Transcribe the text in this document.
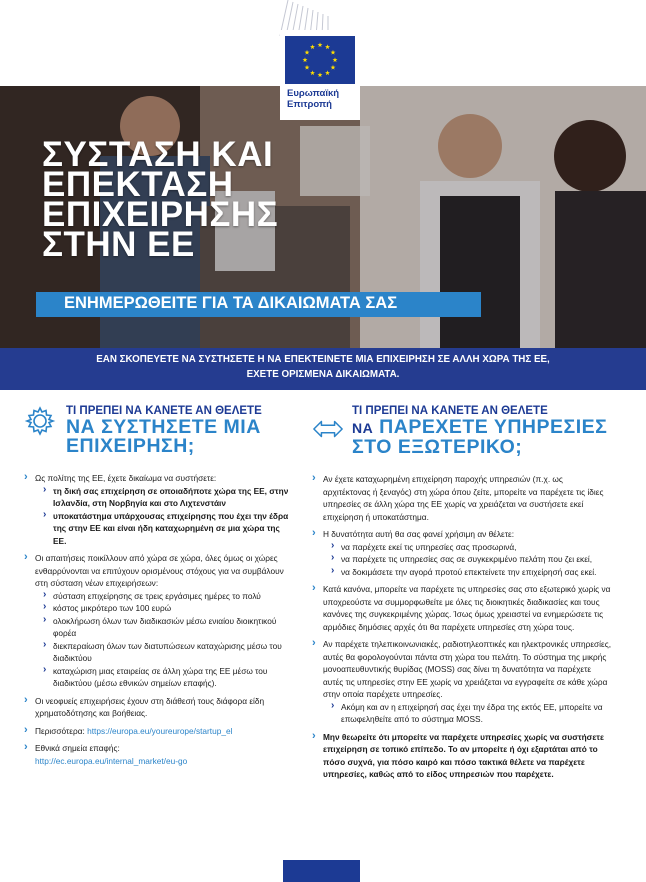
Ευρωπαϊκή
Επιτροπή
ΣΥΣΤΑΣΗ ΚΑΙ
ΕΠΕΚΤΑΣΗ
ΕΠΙΧΕΙΡΗΣΗΣ
ΣΤΗΝ ΕΕ
ΕΝΗΜΕΡΩΘΕΙΤΕ ΓΙΑ ΤΑ ΔΙΚΑΙΩΜΑΤΑ ΣΑΣ
ΕΑΝ ΣΚΟΠΕΥΕΤΕ ΝΑ ΣΥΣΤΗΣΕΤΕ Η ΝΑ ΕΠΕΚΤΕΙΝΕΤΕ ΜΙΑ ΕΠΙΧΕΙΡΗΣΗ ΣΕ ΑΛΛΗ ΧΩΡΑ ΤΗΣ ΕΕ,
ΕΧΕΤΕ ΟΡΙΣΜΕΝΑ ΔΙΚΑΙΩΜΑΤΑ.
ΤΙ ΠΡΕΠΕΙ ΝΑ ΚΑΝΕΤΕ ΑΝ ΘΕΛΕΤΕ
ΝΑ ΣΥΣΤΗΣΕΤΕ ΜΙΑ
ΕΠΙΧΕΙΡΗΣΗ;
› Ως πολίτης της ΕΕ, έχετε δικαίωμα να συστήσετε:
› τη δική σας επιχείρηση σε οποιαδήποτε χώρα της ΕΕ, στην Ισλανδία, στη Νορβηγία και στο Λιχτενστάιν
› υποκατάστημα υπάρχουσας επιχείρησης που έχει την έδρα της στην ΕΕ και είναι ήδη καταχωρημένη σε μια χώρα της ΕΕ.
› Οι απαιτήσεις ποικίλλουν από χώρα σε χώρα, όλες όμως οι χώρες ενθαρρύνονται να επιτύχουν ορισμένους στόχους για να συμβάλουν στη σύσταση νέων επιχειρήσεων:
› σύσταση επιχείρησης σε τρεις εργάσιμες ημέρες το πολύ
› κόστος μικρότερο των 100 ευρώ
› ολοκλήρωση όλων των διαδικασιών μέσω ενιαίου διοικητικού φορέα
› διεκπεραίωση όλων των διατυπώσεων καταχώρισης μέσω του διαδικτύου
› καταχώριση μιας εταιρείας σε άλλη χώρα της ΕΕ μέσω του διαδικτύου (μέσω εθνικών σημείων επαφής).
› Οι νεοφυείς επιχειρήσεις έχουν στη διάθεσή τους διάφορα είδη χρηματοδότησης και βοήθειας.
› Περισσότερα: https://europa.eu/youreurope/startup_el
› Εθνικά σημεία επαφής:
http://ec.europa.eu/internal_market/eu-go
ΤΙ ΠΡΕΠΕΙ ΝΑ ΚΑΝΕΤΕ ΑΝ ΘΕΛΕΤΕ
ΝΑ ΠΑΡΕΧΕΤΕ ΥΠΗΡΕΣΙΕΣ
ΣΤΟ ΕΞΩΤΕΡΙΚΟ;
› Αν έχετε καταχωρημένη επιχείρηση παροχής υπηρεσιών (π.χ. ως αρχιτέκτονας ή ξεναγός) στη χώρα όπου ζείτε, μπορείτε να παρέχετε τις ίδιες υπηρεσίες σε άλλη χώρα της ΕΕ χωρίς να χρειάζεται να συστήσετε εκεί επιχείρηση ή υποκατάστημα.
› Η δυνατότητα αυτή θα σας φανεί χρήσιμη αν θέλετε:
› να παρέχετε εκεί τις υπηρεσίες σας προσωρινά,
› να παρέχετε τις υπηρεσίες σας σε συγκεκριμένο πελάτη που ζει εκεί,
› να δοκιμάσετε την αγορά προτού επεκτείνετε την επιχείρησή σας εκεί.
› Κατά κανόνα, μπορείτε να παρέχετε τις υπηρεσίες σας στο εξωτερικό χωρίς να υποχρεούστε να συμμορφωθείτε με όλες τις διοικητικές διαδικασίες και τους κανόνες της συγκεκριμένης χώρας. Ίσως όμως χρειαστεί να ενημερώσετε τις αρμόδιες δημόσιες αρχές ότι θα παρέχετε υπηρεσίες στη χώρα τους.
› Αν παρέχετε τηλεπικοινωνιακές, ραδιοτηλεοπτικές και ηλεκτρονικές υπηρεσίες, αυτές θα φορολογούνται πάντα στη χώρα του πελάτη. Το σύστημα της μικρής μονοαπευθυντικής θυρίδας (MOSS) σας δίνει τη δυνατότητα να παρέχετε αυτές τις υπηρεσίες στην ΕΕ χωρίς να χρειάζεται να εγγραφείτε σε κάθε χώρα στην οποία παρέχετε υπηρεσίες.
› Ακόμη και αν η επιχείρησή σας έχει την έδρα της εκτός ΕΕ, μπορείτε να επωφεληθείτε από το σύστημα MOSS.
› Μην θεωρείτε ότι μπορείτε να παρέχετε υπηρεσίες χωρίς να συστήσετε επιχείρηση σε τοπικό επίπεδο. Το αν μπορείτε ή όχι εξαρτάται από το πόσο συχνά, για πόσο καιρό και πόσο τακτικά θέλετε να παρέχετε υπηρεσίες, καθώς από το είδος υπηρεσιών που παρέχετε.
